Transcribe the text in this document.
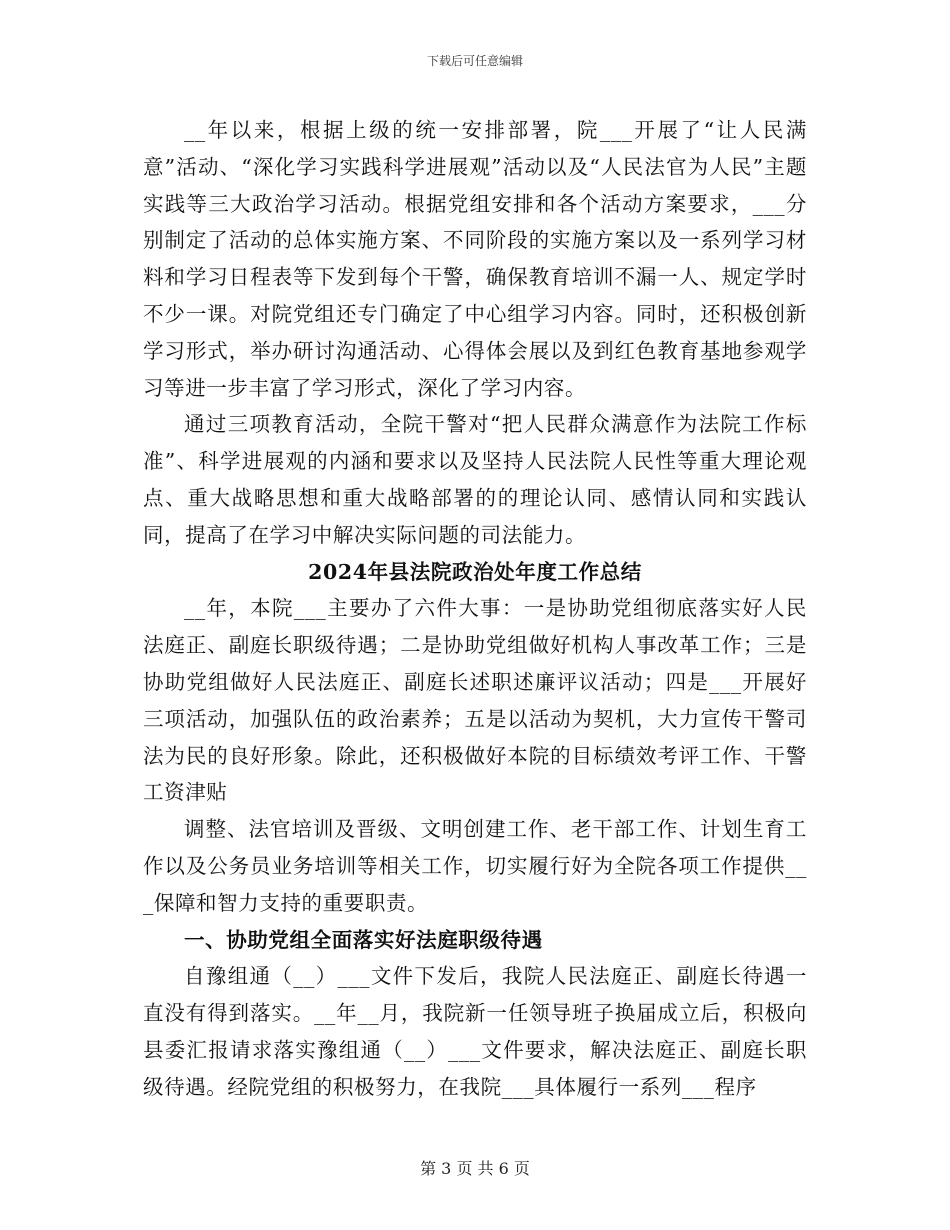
下载后可任意编辑

__年以来，根据上级的统一安排部署，院___开展了“让人民满意”活动、“深化学习实践科学进展观”活动以及“人民法官为人民”主题实践等三大政治学习活动。根据党组安排和各个活动方案要求，___分别制定了活动的总体实施方案、不同阶段的实施方案以及一系列学习材料和学习日程表等下发到每个干警，确保教育培训不漏一人、规定学时不少一课。对院党组还专门确定了中心组学习内容。同时，还积极创新学习形式，举办研讨沟通活动、心得体会展以及到红色教育基地参观学习等进一步丰富了学习形式，深化了学习内容。

通过三项教育活动，全院干警对“把人民群众满意作为法院工作标准”、科学进展观的内涵和要求以及坚持人民法院人民性等重大理论观点、重大战略思想和重大战略部署的的理论认同、感情认同和实践认同，提高了在学习中解决实际问题的司法能力。

2024年县法院政治处年度工作总结

__年，本院___主要办了六件大事：一是协助党组彻底落实好人民法庭正、副庭长职级待遇；二是协助党组做好机构人事改革工作；三是协助党组做好人民法庭正、副庭长述职述廉评议活动；四是___开展好三项活动，加强队伍的政治素养；五是以活动为契机，大力宣传干警司法为民的良好形象。除此，还积极做好本院的目标绩效考评工作、干警工资津贴

调整、法官培训及晋级、文明创建工作、老干部工作、计划生育工作以及公务员业务培训等相关工作，切实履行好为全院各项工作提供___保障和智力支持的重要职责。

一、协助党组全面落实好法庭职级待遇

自豫组通（__）___文件下发后，我院人民法庭正、副庭长待遇一直没有得到落实。__年__月，我院新一任领导班子换届成立后，积极向县委汇报请求落实豫组通（__）___文件要求，解决法庭正、副庭长职级待遇。经院党组的积极努力，在我院___具体履行一系列___程序

第 3 页 共 6 页
